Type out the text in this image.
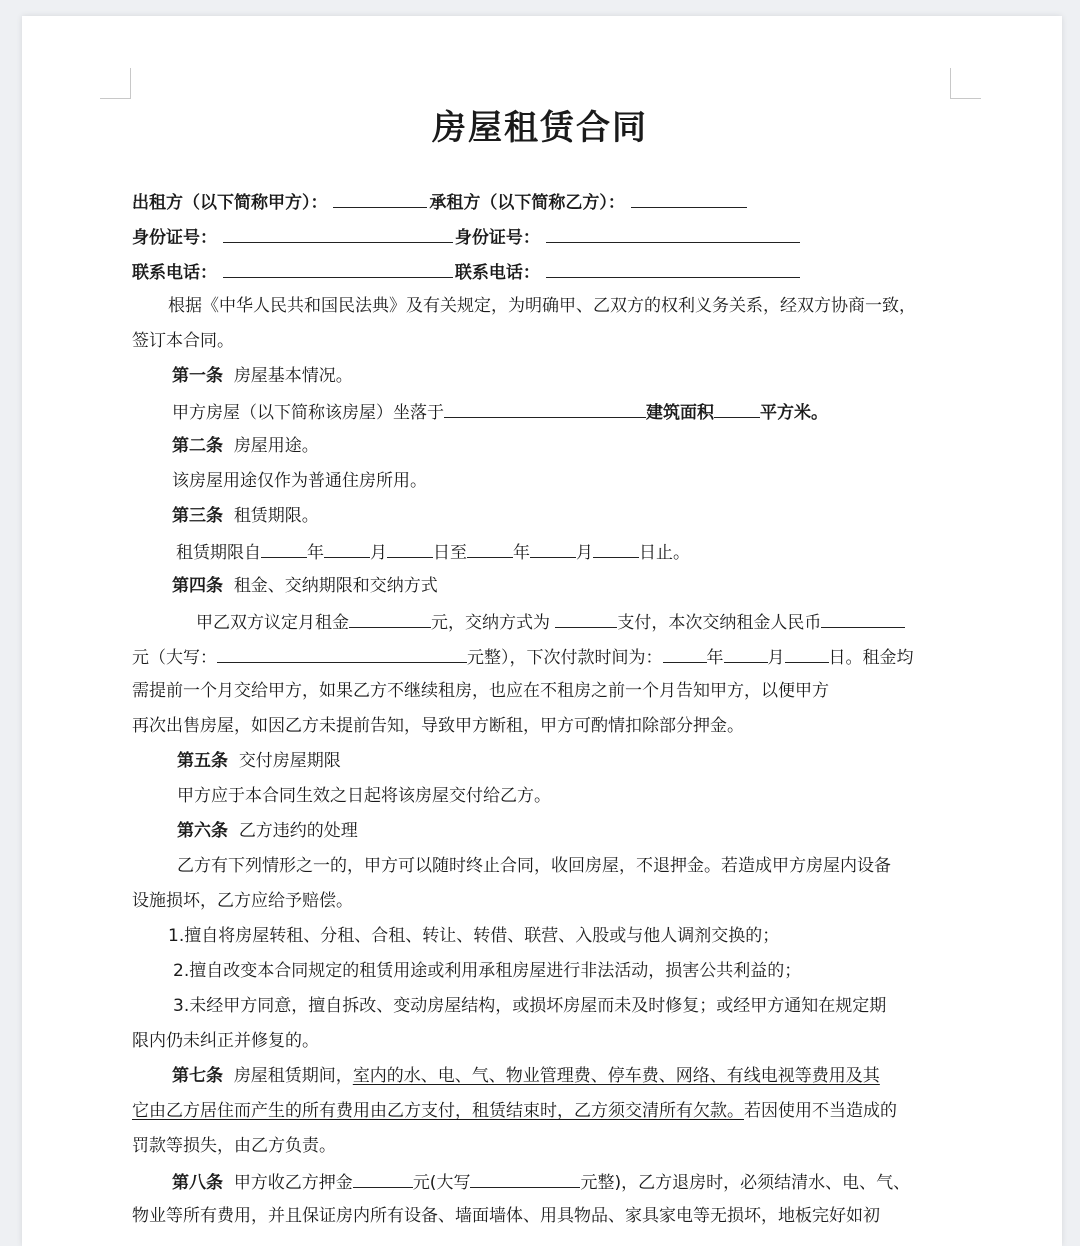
房屋租赁合同
出租方（以下简称甲方）：	承租方（以下简称乙方）：
身份证号：	身份证号：
联系电话：	联系电话：
根据《中华人民共和国民法典》及有关规定，为明确甲、乙双方的权利义务关系，经双方协商一致，
签订本合同。
第一条 房屋基本情况。
甲方房屋（以下简称该房屋）坐落于	建筑面积	平方米。
第二条 房屋用途。
该房屋用途仅作为普通住房所用。
第三条 租赁期限。
租赁期限自	年	月	日至	年	月	日止。
第四条 租金、交纳期限和交纳方式
甲乙双方议定月租金	元，交纳方式为	支付，本次交纳租金人民币
元（大写：	元整），下次付款时间为：	年	月	日。租金均
需提前一个月交给甲方，如果乙方不继续租房，也应在不租房之前一个月告知甲方，以便甲方
再次出售房屋，如因乙方未提前告知，导致甲方断租，甲方可酌情扣除部分押金。
第五条 交付房屋期限
甲方应于本合同生效之日起将该房屋交付给乙方。
第六条 乙方违约的处理
乙方有下列情形之一的，甲方可以随时终止合同，收回房屋，不退押金。若造成甲方房屋内设备
设施损坏，乙方应给予赔偿。
1.擅自将房屋转租、分租、合租、转让、转借、联营、入股或与他人调剂交换的；
2.擅自改变本合同规定的租赁用途或利用承租房屋进行非法活动，损害公共利益的；
3.未经甲方同意，擅自拆改、变动房屋结构，或损坏房屋而未及时修复；或经甲方通知在规定期
限内仍未纠正并修复的。
第七条 房屋租赁期间，室内的水、电、气、物业管理费、停车费、网络、有线电视等费用及其
它由乙方居住而产生的所有费用由乙方支付，租赁结束时，乙方须交清所有欠款。若因使用不当造成的
罚款等损失，由乙方负责。
第八条 甲方收乙方押金	元(大写	元整)，乙方退房时，必须结清水、电、气、
物业等所有费用，并且保证房内所有设备、墙面墙体、用具物品、家具家电等无损坏，地板完好如初
